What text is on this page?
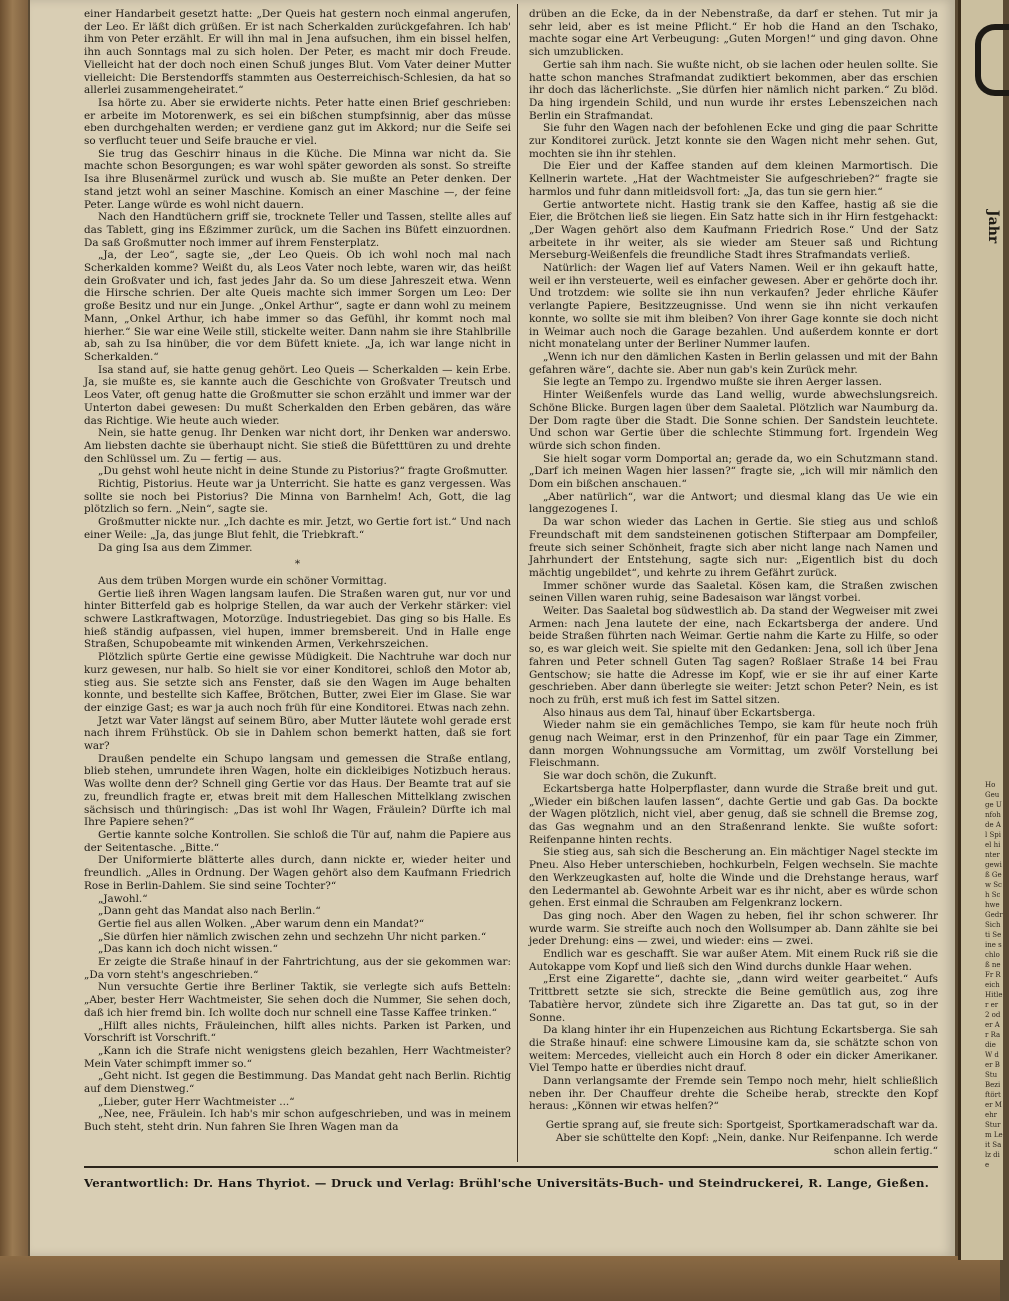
Jahr
Ho Geuge Unfoh de Al Spiel hinter gewiß Gew Sch Schwe Gedr Sichti Seine schloß ne Fr Reich Hitler er 2 oder Ar Ra die W der B Stu Bezi ftörter Mehr Sturm Leit Salz die

einer Handarbeit gesetzt hatte: „Der Queis hat gestern noch einmal angerufen, der Leo. Er läßt dich grüßen. Er ist nach Scherkalden zurückgefahren. Ich hab' ihm von Peter erzählt. Er will ihn mal in Jena aufsuchen, ihm ein bissel helfen, ihn auch Sonntags mal zu sich holen. Der Peter, es macht mir doch Freude. Vielleicht hat der doch noch einen Schuß junges Blut. Vom Vater deiner Mutter vielleicht: Die Berstendorffs stammten aus Oesterreichisch-Schlesien, da hat so allerlei zusammengeheiratet.“

Isa hörte zu. Aber sie erwiderte nichts. Peter hatte einen Brief geschrieben: er arbeite im Motorenwerk, es sei ein bißchen stumpfsinnig, aber das müsse eben durchgehalten werden; er verdiene ganz gut im Akkord; nur die Seife sei so verflucht teuer und Seife brauche er viel.

Sie trug das Geschirr hinaus in die Küche. Die Minna war nicht da. Sie machte schon Besorgungen; es war wohl später geworden als sonst. So streifte Isa ihre Blusenärmel zurück und wusch ab. Sie mußte an Peter denken. Der stand jetzt wohl an seiner Maschine. Komisch an einer Maschine —, der feine Peter. Lange würde es wohl nicht dauern.

Nach den Handtüchern griff sie, trocknete Teller und Tassen, stellte alles auf das Tablett, ging ins Eßzimmer zurück, um die Sachen ins Büfett einzuordnen. Da saß Großmutter noch immer auf ihrem Fensterplatz.

„Ja, der Leo“, sagte sie, „der Leo Queis. Ob ich wohl noch mal nach Scherkalden komme? Weißt du, als Leos Vater noch lebte, waren wir, das heißt dein Großvater und ich, fast jedes Jahr da. So um diese Jahreszeit etwa. Wenn die Hirsche schrien. Der alte Queis machte sich immer Sorgen um Leo: Der große Besitz und nur ein Junge. „Onkel Arthur“, sagte er dann wohl zu meinem Mann, „Onkel Arthur, ich habe immer so das Gefühl, ihr kommt noch mal hierher.“ Sie war eine Weile still, stickelte weiter. Dann nahm sie ihre Stahlbrille ab, sah zu Isa hinüber, die vor dem Büfett kniete. „Ja, ich war lange nicht in Scherkalden.“

Isa stand auf, sie hatte genug gehört. Leo Queis — Scherkalden — kein Erbe. Ja, sie mußte es, sie kannte auch die Geschichte von Großvater Treutsch und Leos Vater, oft genug hatte die Großmutter sie schon erzählt und immer war der Unterton dabei gewesen: Du mußt Scherkalden den Erben gebären, das wäre das Richtige. Wie heute auch wieder.

Nein, sie hatte genug. Ihr Denken war nicht dort, ihr Denken war anderswo. Am liebsten dachte sie überhaupt nicht. Sie stieß die Büfetttüren zu und drehte den Schlüssel um. Zu — fertig — aus.

„Du gehst wohl heute nicht in deine Stunde zu Pistorius?“ fragte Großmutter.

Richtig, Pistorius. Heute war ja Unterricht. Sie hatte es ganz vergessen. Was sollte sie noch bei Pistorius? Die Minna von Barnhelm! Ach, Gott, die lag plötzlich so fern. „Nein“, sagte sie.

Großmutter nickte nur. „Ich dachte es mir. Jetzt, wo Gertie fort ist.“ Und nach einer Weile: „Ja, das junge Blut fehlt, die Triebkraft.“

Da ging Isa aus dem Zimmer.

*

Aus dem trüben Morgen wurde ein schöner Vormittag.

Gertie ließ ihren Wagen langsam laufen. Die Straßen waren gut, nur vor und hinter Bitterfeld gab es holprige Stellen, da war auch der Verkehr stärker: viel schwere Lastkraftwagen, Motorzüge. Industriegebiet. Das ging so bis Halle. Es hieß ständig aufpassen, viel hupen, immer bremsbereit. Und in Halle enge Straßen, Schupobeamte mit winkenden Armen, Verkehrszeichen.

Plötzlich spürte Gertie eine gewisse Müdigkeit. Die Nachtruhe war doch nur kurz gewesen, nur halb. So hielt sie vor einer Konditorei, schloß den Motor ab, stieg aus. Sie setzte sich ans Fenster, daß sie den Wagen im Auge behalten konnte, und bestellte sich Kaffee, Brötchen, Butter, zwei Eier im Glase. Sie war der einzige Gast; es war ja auch noch früh für eine Konditorei. Etwas nach zehn.

Jetzt war Vater längst auf seinem Büro, aber Mutter läutete wohl gerade erst nach ihrem Frühstück. Ob sie in Dahlem schon bemerkt hatten, daß sie fort war?

Draußen pendelte ein Schupo langsam und gemessen die Straße entlang, blieb stehen, umrundete ihren Wagen, holte ein dickleibiges Notizbuch heraus. Was wollte denn der? Schnell ging Gertie vor das Haus. Der Beamte trat auf sie zu, freundlich fragte er, etwas breit mit dem Halleschen Mittelklang zwischen sächsisch und thüringisch: „Das ist wohl Ihr Wagen, Fräulein? Dürfte ich mal Ihre Papiere sehen?“

Gertie kannte solche Kontrollen. Sie schloß die Tür auf, nahm die Papiere aus der Seitentasche. „Bitte.“

Der Uniformierte blätterte alles durch, dann nickte er, wieder heiter und freundlich. „Alles in Ordnung. Der Wagen gehört also dem Kaufmann Friedrich Rose in Berlin-Dahlem. Sie sind seine Tochter?“

„Jawohl.“

„Dann geht das Mandat also nach Berlin.“

Gertie fiel aus allen Wolken. „Aber warum denn ein Mandat?“

„Sie dürfen hier nämlich zwischen zehn und sechzehn Uhr nicht parken.“

„Das kann ich doch nicht wissen.“

Er zeigte die Straße hinauf in der Fahrtrichtung, aus der sie gekommen war: „Da vorn steht's angeschrieben.“

Nun versuchte Gertie ihre Berliner Taktik, sie verlegte sich aufs Betteln: „Aber, bester Herr Wachtmeister, Sie sehen doch die Nummer, Sie sehen doch, daß ich hier fremd bin. Ich wollte doch nur schnell eine Tasse Kaffee trinken.“

„Hilft alles nichts, Fräuleinchen, hilft alles nichts. Parken ist Parken, und Vorschrift ist Vorschrift.“

„Kann ich die Strafe nicht wenigstens gleich bezahlen, Herr Wachtmeister? Mein Vater schimpft immer so.“

„Geht nicht. Ist gegen die Bestimmung. Das Mandat geht nach Berlin. Richtig auf dem Dienstweg.“

„Lieber, guter Herr Wachtmeister ...“

„Nee, nee, Fräulein. Ich hab's mir schon aufgeschrieben, und was in meinem Buch steht, steht drin. Nun fahren Sie Ihren Wagen man da

drüben an die Ecke, da in der Nebenstraße, da darf er stehen. Tut mir ja sehr leid, aber es ist meine Pflicht.“ Er hob die Hand an den Tschako, machte sogar eine Art Verbeugung: „Guten Morgen!“ und ging davon. Ohne sich umzublicken.

Gertie sah ihm nach. Sie wußte nicht, ob sie lachen oder heulen sollte. Sie hatte schon manches Strafmandat zudiktiert bekommen, aber das erschien ihr doch das lächerlichste. „Sie dürfen hier nämlich nicht parken.“ Zu blöd. Da hing irgendein Schild, und nun wurde ihr erstes Lebenszeichen nach Berlin ein Strafmandat.

Sie fuhr den Wagen nach der befohlenen Ecke und ging die paar Schritte zur Konditorei zurück. Jetzt konnte sie den Wagen nicht mehr sehen. Gut, mochten sie ihn ihr stehlen.

Die Eier und der Kaffee standen auf dem kleinen Marmortisch. Die Kellnerin wartete. „Hat der Wachtmeister Sie aufgeschrieben?“ fragte sie harmlos und fuhr dann mitleidsvoll fort: „Ja, das tun sie gern hier.“

Gertie antwortete nicht. Hastig trank sie den Kaffee, hastig aß sie die Eier, die Brötchen ließ sie liegen. Ein Satz hatte sich in ihr Hirn festgehackt: „Der Wagen gehört also dem Kaufmann Friedrich Rose.“ Und der Satz arbeitete in ihr weiter, als sie wieder am Steuer saß und Richtung Merseburg-Weißenfels die freundliche Stadt ihres Strafmandats verließ.

Natürlich: der Wagen lief auf Vaters Namen. Weil er ihn gekauft hatte, weil er ihn versteuerte, weil es einfacher gewesen. Aber er gehörte doch ihr. Und trotzdem: wie sollte sie ihn nun verkaufen? Jeder ehrliche Käufer verlangte Papiere, Besitzzeugnisse. Und wenn sie ihn nicht verkaufen konnte, wo sollte sie mit ihm bleiben? Von ihrer Gage konnte sie doch nicht in Weimar auch noch die Garage bezahlen. Und außerdem konnte er dort nicht monatelang unter der Berliner Nummer laufen.

„Wenn ich nur den dämlichen Kasten in Berlin gelassen und mit der Bahn gefahren wäre“, dachte sie. Aber nun gab's kein Zurück mehr.

Sie legte an Tempo zu. Irgendwo mußte sie ihren Aerger lassen.

Hinter Weißenfels wurde das Land wellig, wurde abwechslungsreich. Schöne Blicke. Burgen lagen über dem Saaletal. Plötzlich war Naumburg da. Der Dom ragte über die Stadt. Die Sonne schien. Der Sandstein leuchtete. Und schon war Gertie über die schlechte Stimmung fort. Irgendein Weg würde sich schon finden.

Sie hielt sogar vorm Domportal an; gerade da, wo ein Schutzmann stand. „Darf ich meinen Wagen hier lassen?“ fragte sie, „ich will mir nämlich den Dom ein bißchen anschauen.“

„Aber natürlich“, war die Antwort; und diesmal klang das Ue wie ein langgezogenes I.

Da war schon wieder das Lachen in Gertie. Sie stieg aus und schloß Freundschaft mit dem sandsteinenen gotischen Stifterpaar am Dompfeiler, freute sich seiner Schönheit, fragte sich aber nicht lange nach Namen und Jahrhundert der Entstehung, sagte sich nur: „Eigentlich bist du doch mächtig ungebildet“, und kehrte zu ihrem Gefährt zurück.

Immer schöner wurde das Saaletal. Kösen kam, die Straßen zwischen seinen Villen waren ruhig, seine Badesaison war längst vorbei.

Weiter. Das Saaletal bog südwestlich ab. Da stand der Wegweiser mit zwei Armen: nach Jena lautete der eine, nach Eckartsberga der andere. Und beide Straßen führten nach Weimar. Gertie nahm die Karte zu Hilfe, so oder so, es war gleich weit. Sie spielte mit den Gedanken: Jena, soll ich über Jena fahren und Peter schnell Guten Tag sagen? Roßlaer Straße 14 bei Frau Gentschow; sie hatte die Adresse im Kopf, wie er sie ihr auf einer Karte geschrieben. Aber dann überlegte sie weiter: Jetzt schon Peter? Nein, es ist noch zu früh, erst muß ich fest im Sattel sitzen.

Also hinaus aus dem Tal, hinauf über Eckartsberga.

Wieder nahm sie ein gemächliches Tempo, sie kam für heute noch früh genug nach Weimar, erst in den Prinzenhof, für ein paar Tage ein Zimmer, dann morgen Wohnungssuche am Vormittag, um zwölf Vorstellung bei Fleischmann.

Sie war doch schön, die Zukunft.

Eckartsberga hatte Holperpflaster, dann wurde die Straße breit und gut. „Wieder ein bißchen laufen lassen“, dachte Gertie und gab Gas. Da bockte der Wagen plötzlich, nicht viel, aber genug, daß sie schnell die Bremse zog, das Gas wegnahm und an den Straßenrand lenkte. Sie wußte sofort: Reifenpanne hinten rechts.

Sie stieg aus, sah sich die Bescherung an. Ein mächtiger Nagel steckte im Pneu. Also Heber unterschieben, hochkurbeln, Felgen wechseln. Sie machte den Werkzeugkasten auf, holte die Winde und die Drehstange heraus, warf den Ledermantel ab. Gewohnte Arbeit war es ihr nicht, aber es würde schon gehen. Erst einmal die Schrauben am Felgenkranz lockern.

Das ging noch. Aber den Wagen zu heben, fiel ihr schon schwerer. Ihr wurde warm. Sie streifte auch noch den Wollsumper ab. Dann zählte sie bei jeder Drehung: eins — zwei, und wieder: eins — zwei.

Endlich war es geschafft. Sie war außer Atem. Mit einem Ruck riß sie die Autokappe vom Kopf und ließ sich den Wind durchs dunkle Haar wehen.

„Erst eine Zigarette“, dachte sie, „dann wird weiter gearbeitet.“ Aufs Trittbrett setzte sie sich, streckte die Beine gemütlich aus, zog ihre Tabatière hervor, zündete sich ihre Zigarette an. Das tat gut, so in der Sonne.

Da klang hinter ihr ein Hupenzeichen aus Richtung Eckartsberga. Sie sah die Straße hinauf: eine schwere Limousine kam da, sie schätzte schon von weitem: Mercedes, vielleicht auch ein Horch 8 oder ein dicker Amerikaner. Viel Tempo hatte er überdies nicht drauf.

Dann verlangsamte der Fremde sein Tempo noch mehr, hielt schließlich neben ihr. Der Chauffeur drehte die Scheibe herab, streckte den Kopf heraus: „Können wir etwas helfen?“

Gertie sprang auf, sie freute sich: Sportgeist, Sportkameradschaft war da. Aber sie schüttelte den Kopf: „Nein, danke. Nur Reifenpanne. Ich werde schon allein fertig.“

Verantwortlich: Dr. Hans Thyriot. — Druck und Verlag: Brühl'sche Universitäts-Buch- und Steindruckerei, R. Lange, Gießen.
